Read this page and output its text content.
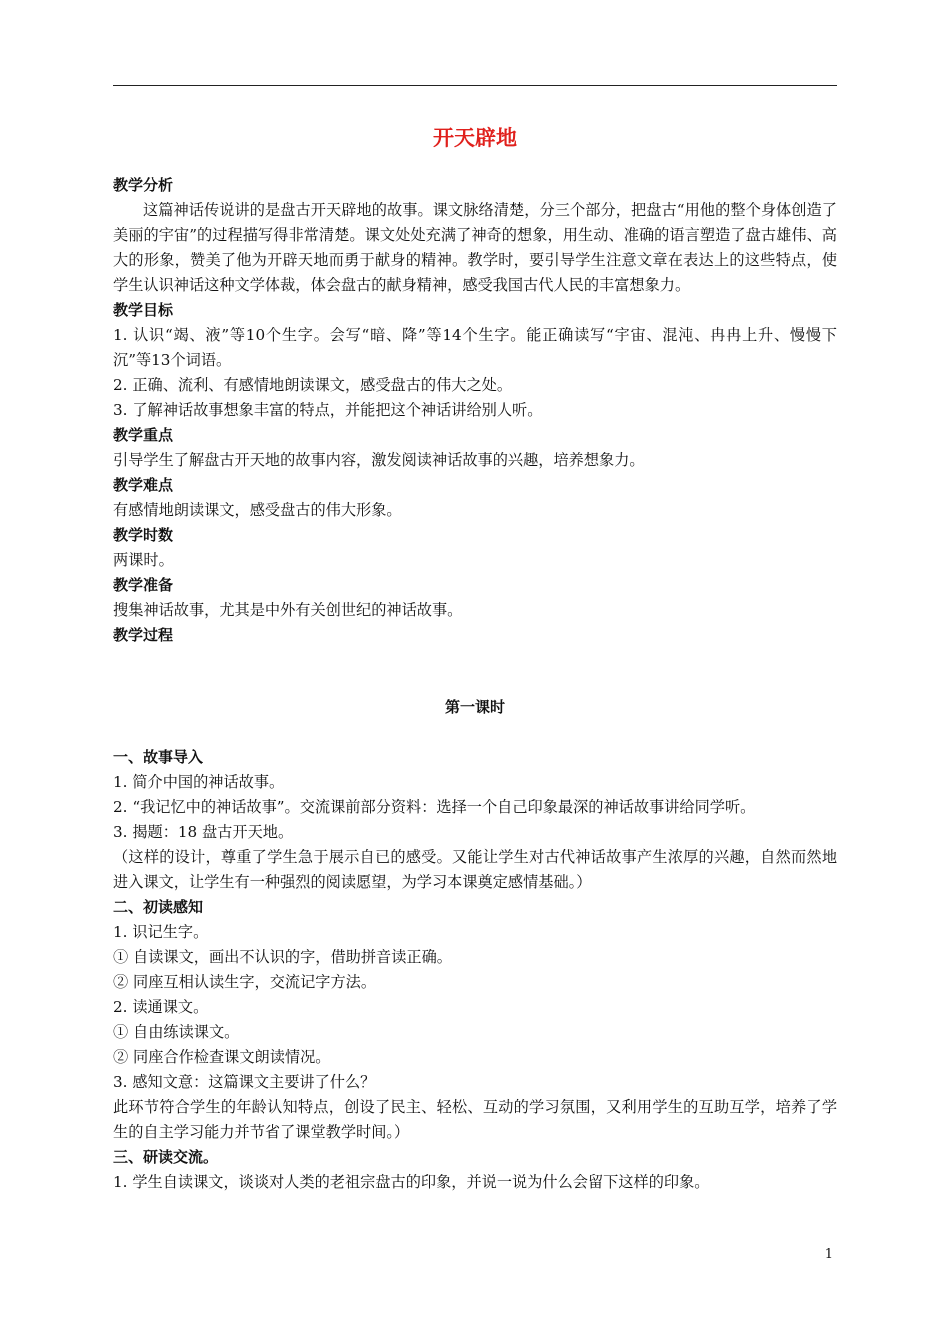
开天辟地

教学分析

这篇神话传说讲的是盘古开天辟地的故事。课文脉络清楚，分三个部分，把盘古“用他的整个身体创造了美丽的宇宙”的过程描写得非常清楚。课文处处充满了神奇的想象，用生动、准确的语言塑造了盘古雄伟、高大的形象，赞美了他为开辟天地而勇于献身的精神。教学时，要引导学生注意文章在表达上的这些特点，使学生认识神话这种文学体裁，体会盘古的献身精神，感受我国古代人民的丰富想象力。

教学目标

1. 认识“竭、液”等10个生字。会写“暗、降”等14个生字。能正确读写“宇宙、混沌、冉冉上升、慢慢下沉”等13个词语。

2. 正确、流利、有感情地朗读课文，感受盘古的伟大之处。

3. 了解神话故事想象丰富的特点，并能把这个神话讲给别人听。

教学重点

引导学生了解盘古开天地的故事内容，激发阅读神话故事的兴趣，培养想象力。

教学难点

有感情地朗读课文，感受盘古的伟大形象。

教学时数

两课时。

教学准备

搜集神话故事，尤其是中外有关创世纪的神话故事。

教学过程

第一课时

一、故事导入

1. 简介中国的神话故事。

2. “我记忆中的神话故事”。交流课前部分资料：选择一个自己印象最深的神话故事讲给同学听。

3. 揭题：18 盘古开天地。

（这样的设计，尊重了学生急于展示自已的感受。又能让学生对古代神话故事产生浓厚的兴趣，自然而然地进入课文，让学生有一种强烈的阅读愿望，为学习本课奠定感情基础。）

二、初读感知

1. 识记生字。

① 自读课文，画出不认识的字，借助拼音读正确。

② 同座互相认读生字，交流记字方法。

2. 读通课文。

① 自由练读课文。

② 同座合作检查课文朗读情况。

3. 感知文意：这篇课文主要讲了什么？

此环节符合学生的年龄认知特点，创设了民主、轻松、互动的学习氛围，又利用学生的互助互学，培养了学生的自主学习能力并节省了课堂教学时间。）

三、研读交流。

1. 学生自读课文，谈谈对人类的老祖宗盘古的印象，并说一说为什么会留下这样的印象。

1
